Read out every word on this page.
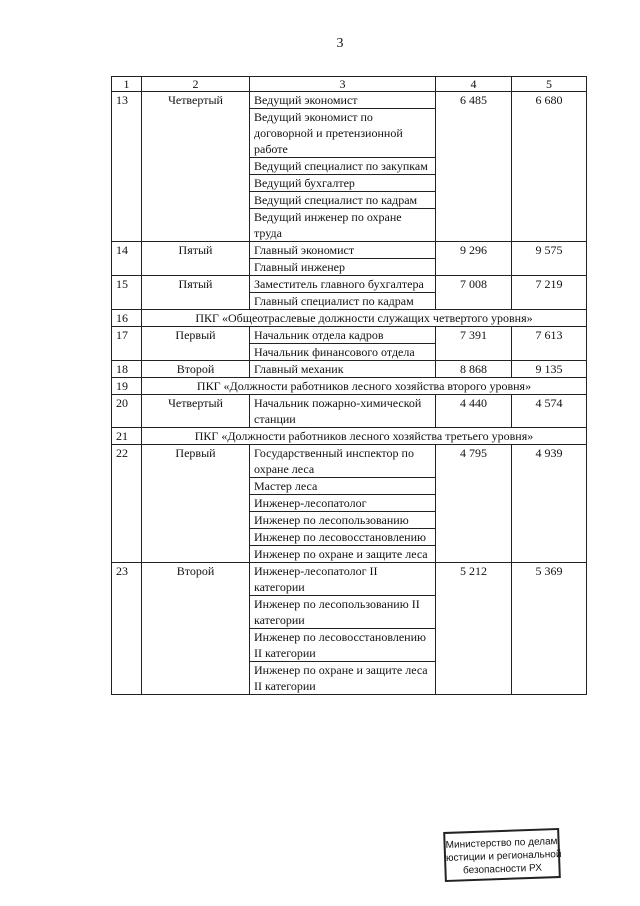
3
1	2	3	4	5
13	Четвертый	Ведущий экономист	6 485	6 680
		Ведущий экономист по договорной и претензионной работе		
		Ведущий специалист по закупкам		
		Ведущий бухгалтер		
		Ведущий специалист по кадрам		
		Ведущий инженер по охране труда		
14	Пятый	Главный экономист	9 296	9 575
		Главный инженер		
15	Пятый	Заместитель главного бухгалтера	7 008	7 219
		Главный специалист по кадрам		
16	ПКГ «Общеотраслевые должности служащих четвертого уровня»			
17	Первый	Начальник отдела кадров	7 391	7 613
		Начальник финансового отдела		
18	Второй	Главный механик	8 868	9 135
19	ПКГ «Должности работников лесного хозяйства второго уровня»			
20	Четвертый	Начальник пожарно-химической станции	4 440	4 574
21	ПКГ «Должности работников лесного хозяйства третьего уровня»			
22	Первый	Государственный инспектор по охране леса	4 795	4 939
		Мастер леса		
		Инженер-лесопатолог		
		Инженер по лесопользованию		
		Инженер по лесовосстановлению		
		Инженер по охране и защите леса		
23	Второй	Инженер-лесопатолог II категории	5 212	5 369
		Инженер по лесопользованию II категории		
		Инженер по лесовосстановлению II категории		
		Инженер по охране и защите леса II категории		
Министерство по делам
юстиции и региональной
безопасности РХ
